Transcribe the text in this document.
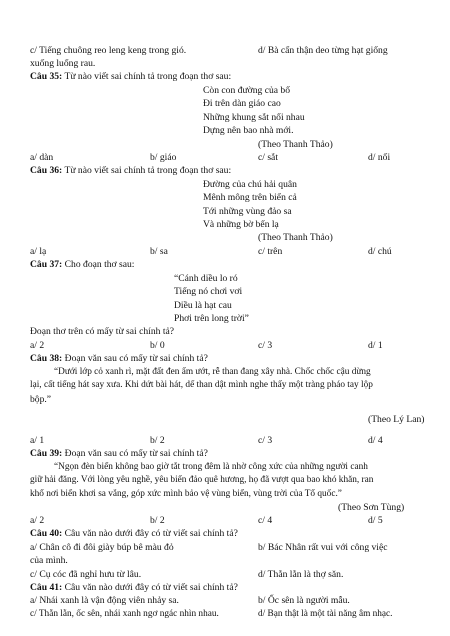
c/ Tiếng chuông reo leng keng trong gió.	d/ Bà cẩn thận deo từng hạt giống
xuống luống rau.
Câu 35: Từ nào viết sai chính tả trong đoạn thơ sau:
Còn con đường của bố
Đi trên dàn giáo cao
Những khung sắt nối nhau
Dựng nên bao nhà mới.
(Theo Thanh Thảo)
a/ dàn	b/ giáo	c/ sắt	d/ nối
Câu 36: Từ nào viết sai chính tả trong đoạn thơ sau:
Đường của chú hải quân
Mênh mông trên biển cả
Tới những vùng đảo sa
Và những bờ bến lạ
(Theo Thanh Thảo)
a/ lạ	b/ sa	c/ trên	d/ chú
Câu 37: Cho đoạn thơ sau:
“Cánh diều lo ró
Tiếng nó chơi vơi
Diều là hạt cau
Phơi trên long trời”
Đoạn thơ trên có mấy từ sai chính tả?
a/ 2	b/ 0	c/ 3	d/ 1
Câu 38: Đoạn văn sau có mấy từ sai chính tả?
“Dưới lớp cỏ xanh rì, mặt đất đen ẩm ướt, rễ than đang xây nhà. Chốc chốc cậu dừng
lại, cất tiếng hát say xưa. Khi dứt bài hát, dế than dật mình nghe thấy một tràng pháo tay lộp
bộp.”
(Theo Lý Lan)
a/ 1	b/ 2	c/ 3	d/ 4
Câu 39: Đoạn văn sau có mấy từ sai chính tả?
“Ngọn đèn biển không bao giờ tắt trong đêm là nhờ công xức của những người canh
giữ hải đăng. Với lòng yêu nghề, yêu biển đảo quê hương, họ đã vượt qua bao khó khăn, ran
khổ nơi biển khơi sa vắng, góp xức mình bảo vệ vùng biển, vùng trời của Tổ quốc.”
(Theo Sơn Tùng)
a/ 2	b/ 2	c/ 4	d/ 5
Câu 40: Câu văn nào dưới đây có từ viết sai chính tả?
a/ Chân cô đi đôi giày búp bê màu đỏ	b/ Bác Nhân rất vui với công việc
của mình.
c/ Cụ cóc đã nghỉ hưu từ lâu.	d/ Thằn lằn là thợ săn.
Câu 41: Câu văn nào dưới đây có từ viết sai chính tả?
a/ Nhái xanh là vận động viên nhảy sa.	b/ Ốc sên là người mẫu.
c/ Thằn lằn, ốc sên, nhái xanh ngơ ngác nhìn nhau.	d/ Bạn thật là một tài năng âm nhạc.
